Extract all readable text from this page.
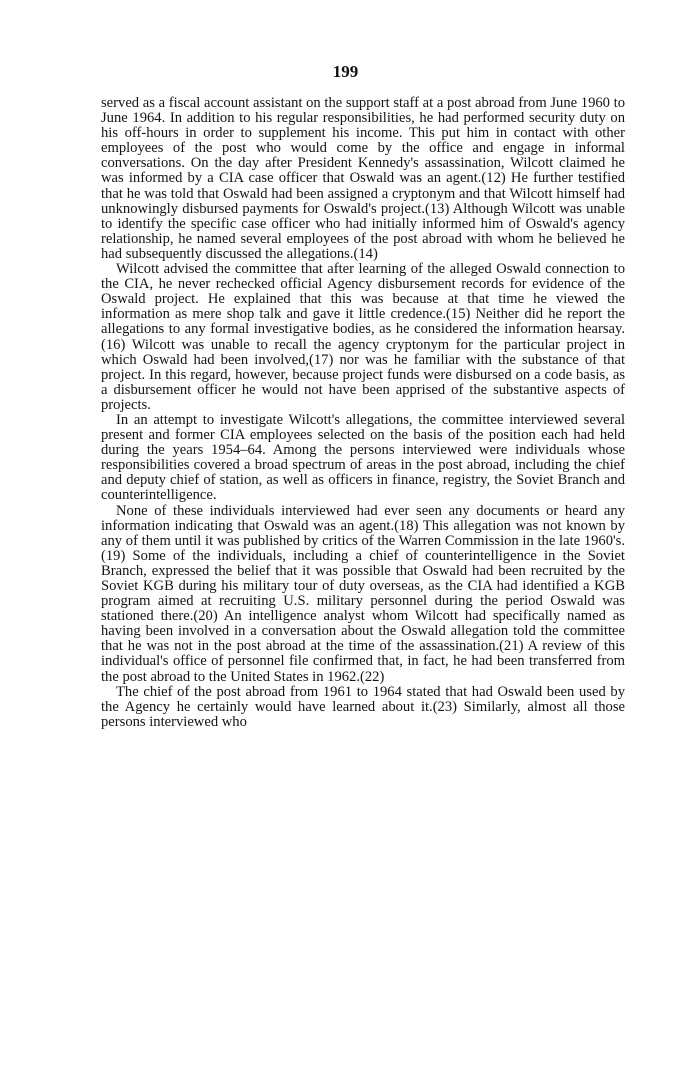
199

served as a fiscal account assistant on the support staff at a post abroad from June 1960 to June 1964. In addition to his regular responsibilities, he had performed security duty on his off-hours in order to supplement his income. This put him in contact with other employees of the post who would come by the office and engage in informal conversations. On the day after President Kennedy's assassination, Wilcott claimed he was informed by a CIA case officer that Oswald was an agent.(12) He further testified that he was told that Oswald had been assigned a cryptonym and that Wilcott himself had unknowingly disbursed payments for Oswald's project.(13) Although Wilcott was unable to identify the specific case officer who had initially informed him of Oswald's agency relationship, he named several employees of the post abroad with whom he believed he had subsequently discussed the allegations.(14)

Wilcott advised the committee that after learning of the alleged Oswald connection to the CIA, he never rechecked official Agency disbursement records for evidence of the Oswald project. He explained that this was because at that time he viewed the information as mere shop talk and gave it little credence.(15) Neither did he report the allegations to any formal investigative bodies, as he considered the information hearsay.(16) Wilcott was unable to recall the agency cryptonym for the particular project in which Oswald had been involved,(17) nor was he familiar with the substance of that project. In this regard, however, because project funds were disbursed on a code basis, as a disbursement officer he would not have been apprised of the substantive aspects of projects.

In an attempt to investigate Wilcott's allegations, the committee interviewed several present and former CIA employees selected on the basis of the position each had held during the years 1954–64. Among the persons interviewed were individuals whose responsibilities covered a broad spectrum of areas in the post abroad, including the chief and deputy chief of station, as well as officers in finance, registry, the Soviet Branch and counterintelligence.

None of these individuals interviewed had ever seen any documents or heard any information indicating that Oswald was an agent.(18) This allegation was not known by any of them until it was published by critics of the Warren Commission in the late 1960's.(19) Some of the individuals, including a chief of counterintelligence in the Soviet Branch, expressed the belief that it was possible that Oswald had been recruited by the Soviet KGB during his military tour of duty overseas, as the CIA had identified a KGB program aimed at recruiting U.S. military personnel during the period Oswald was stationed there.(20) An intelligence analyst whom Wilcott had specifically named as having been involved in a conversation about the Oswald allegation told the committee that he was not in the post abroad at the time of the assassination.(21) A review of this individual's office of personnel file confirmed that, in fact, he had been transferred from the post abroad to the United States in 1962.(22)

The chief of the post abroad from 1961 to 1964 stated that had Oswald been used by the Agency he certainly would have learned about it.(23) Similarly, almost all those persons interviewed who
